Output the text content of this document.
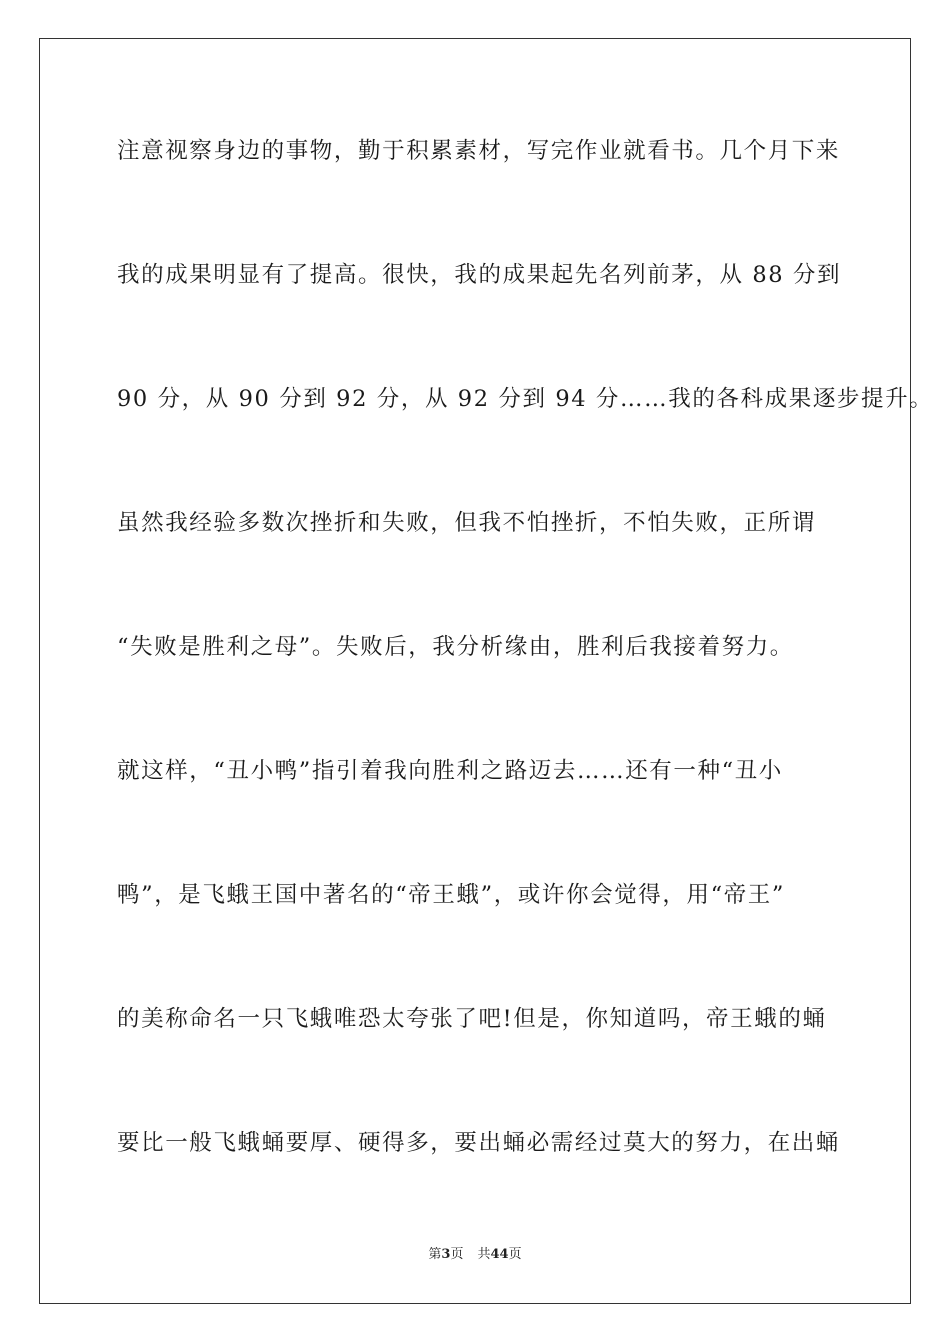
注意视察身边的事物，勤于积累素材，写完作业就看书。几个月下来
我的成果明显有了提高。很快，我的成果起先名列前茅，从 88 分到
90 分，从 90 分到 92 分，从 92 分到 94 分……我的各科成果逐步提升。
虽然我经验多数次挫折和失败，但我不怕挫折，不怕失败，正所谓
“失败是胜利之母”。失败后，我分析缘由，胜利后我接着努力。
就这样，“丑小鸭”指引着我向胜利之路迈去……还有一种“丑小
鸭”，是飞蛾王国中著名的“帝王蛾”，或许你会觉得，用“帝王”
的美称命名一只飞蛾唯恐太夸张了吧!但是，你知道吗，帝王蛾的蛹
要比一般飞蛾蛹要厚、硬得多，要出蛹必需经过莫大的努力，在出蛹
第3页 共44页
